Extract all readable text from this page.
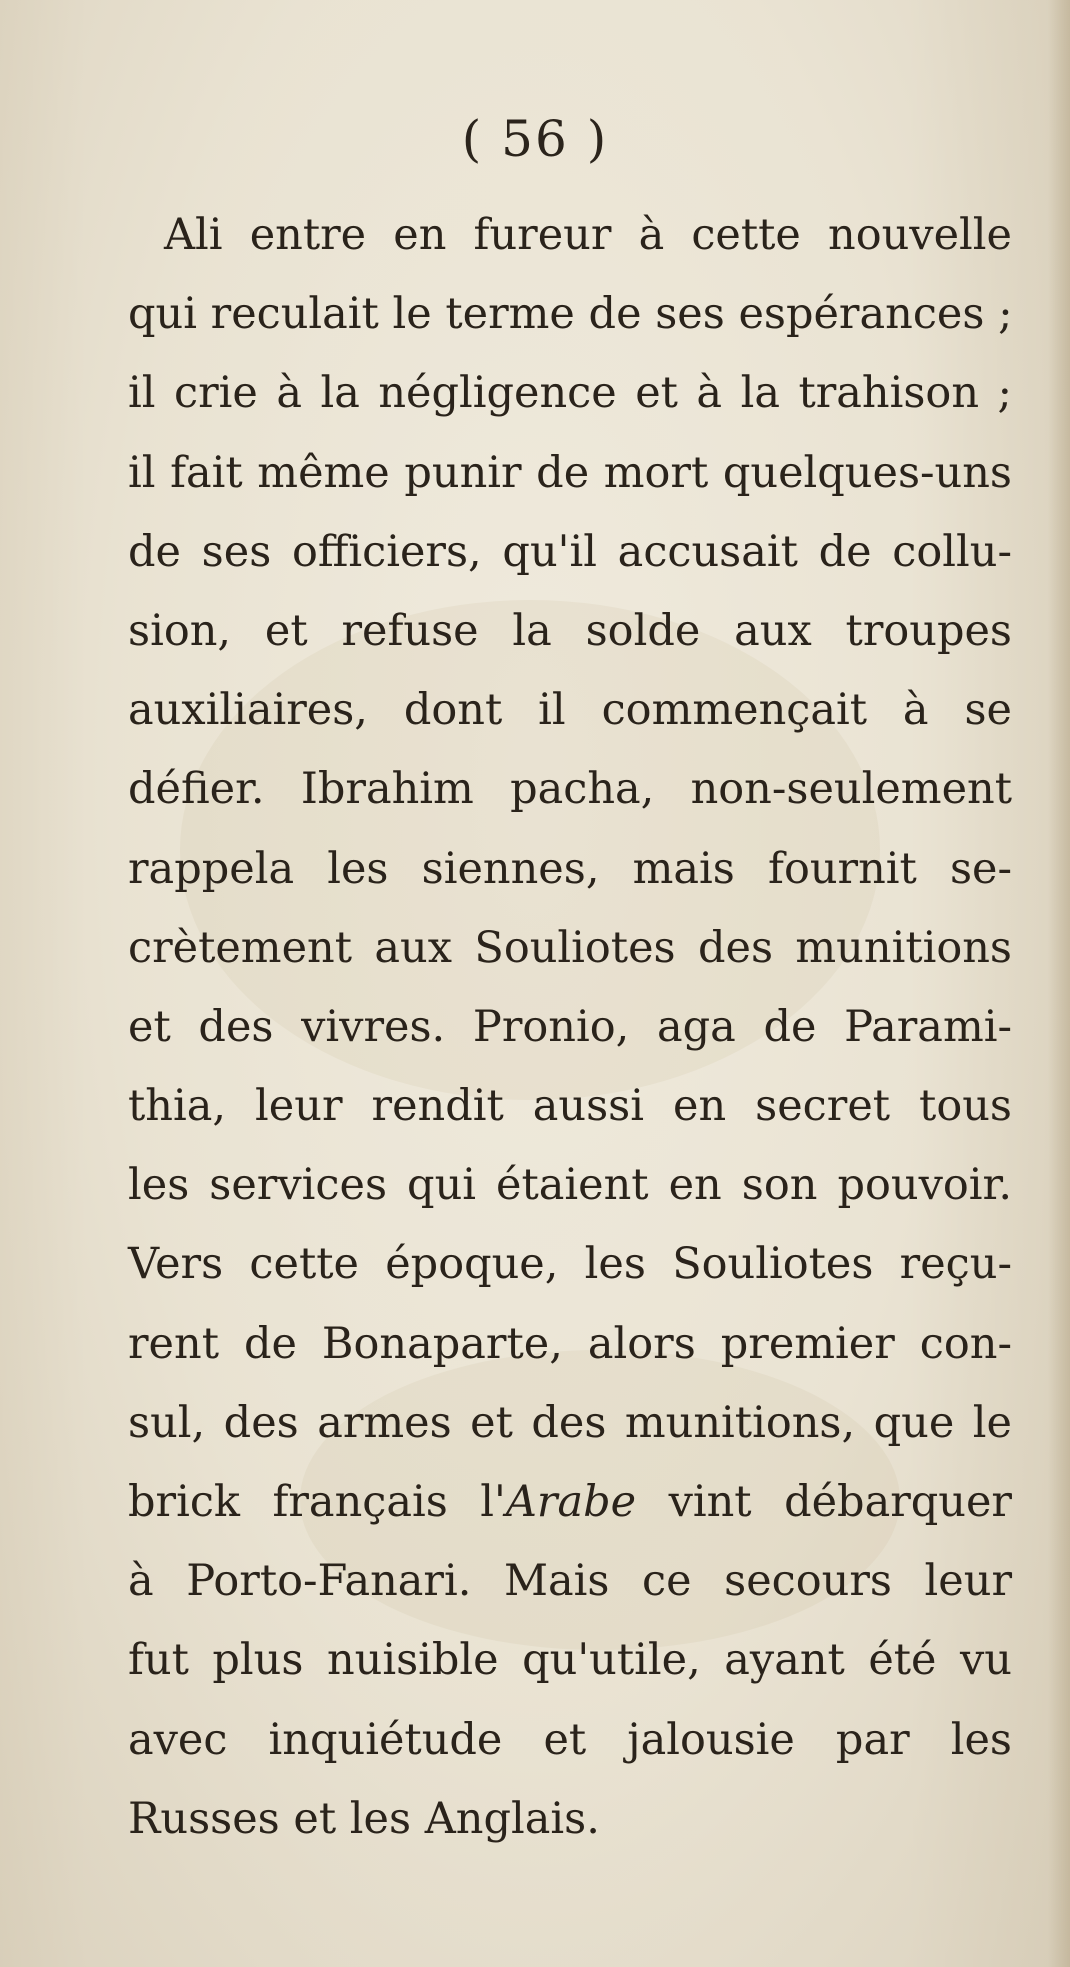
( 56 )
Ali entre en fureur à cette nouvelle
qui reculait le terme de ses espérances ;
il crie à la négligence et à la trahison ;
il fait même punir de mort quelques-uns
de ses officiers, qu'il accusait de collu-
sion, et refuse la solde aux troupes
auxiliaires, dont il commençait à se
défier. Ibrahim pacha, non-seulement
rappela les siennes, mais fournit se-
crètement aux Souliotes des munitions
et des vivres. Pronio, aga de Parami-
thia, leur rendit aussi en secret tous
les services qui étaient en son pouvoir.
Vers cette époque, les Souliotes reçu-
rent de Bonaparte, alors premier con-
sul, des armes et des munitions, que le
brick français l'Arabe vint débarquer
à Porto-Fanari. Mais ce secours leur
fut plus nuisible qu'utile, ayant été vu
avec inquiétude et jalousie par les
Russes et les Anglais.
